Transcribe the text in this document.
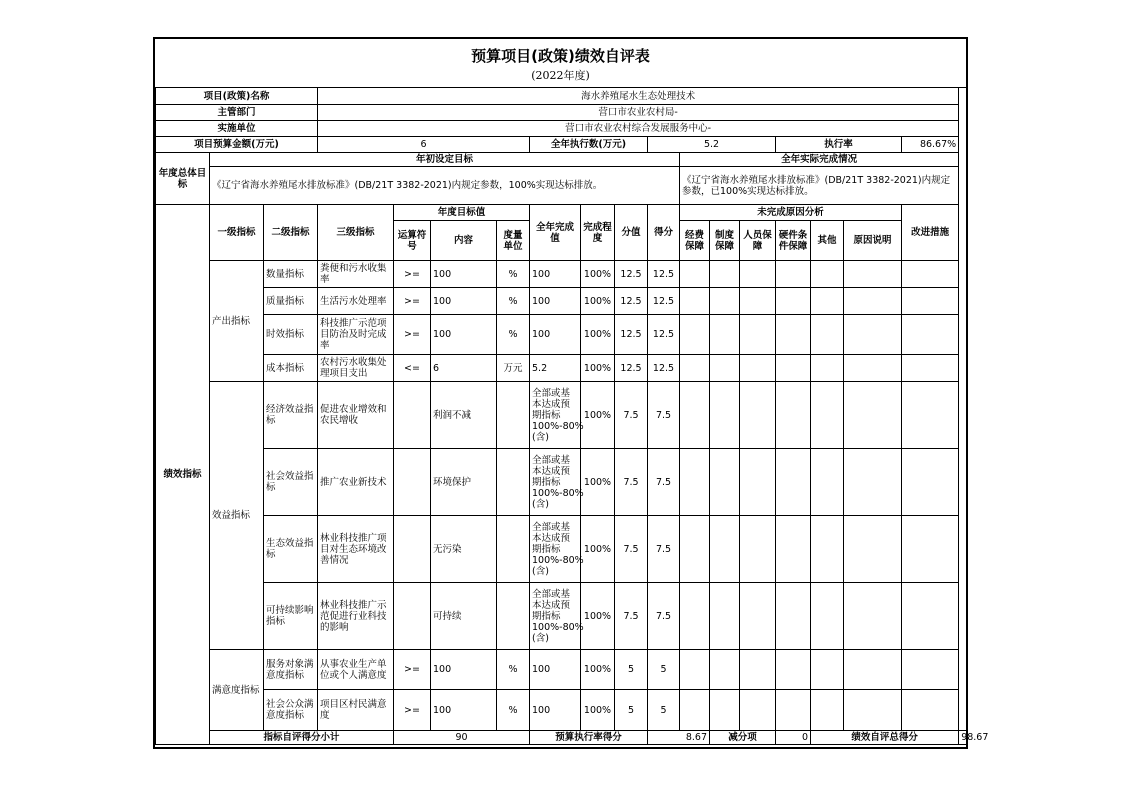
预算项目(政策)绩效自评表
(2022年度)
项目(政策)名称			海水养殖尾水生态处理技术															
主管部门			营口市农业农村局-															
实施单位			营口市农业农村综合发展服务中心-															
项目预算金额(万元)			6				全年执行数(万元)			5.2				执行率			86.67%	
年度总体目标	年初设定目标										全年实际完成情况							
	《辽宁省海水养殖尾水排放标准》(DB/21T 3382-2021)内规定参数，100%实现达标排放。										《辽宁省海水养殖尾水排放标准》(DB/21T 3382-2021)内规定参数，已100%实现达标排放。							
绩效指标	一级指标	二级指标	三级指标	年度目标值			全年完成值	完成程度	分值	得分	未完成原因分析						改进措施	
				运算符号	内容	度量单位					经费保障	制度保障	人员保障	硬件条件保障	其他	原因说明		
	产出指标	数量指标	粪便和污水收集率	>=	100	%	100	100%	12.5	12.5								
		质量指标	生活污水处理率	>=	100	%	100	100%	12.5	12.5								
		时效指标	科技推广示范项目防治及时完成率	>=	100	%	100	100%	12.5	12.5								
		成本指标	农村污水收集处理项目支出	<=	6	万元	5.2	100%	12.5	12.5								
	效益指标	经济效益指标	促进农业增效和农民增收		利润不减		全部或基本达成预期指标100%-80%(含)	100%	7.5	7.5								
		社会效益指标	推广农业新技术		环境保护		全部或基本达成预期指标100%-80%(含)	100%	7.5	7.5								
		生态效益指标	林业科技推广项目对生态环境改善情况		无污染		全部或基本达成预期指标100%-80%(含)	100%	7.5	7.5								
		可持续影响指标	林业科技推广示范促进行业科技的影响		可持续		全部或基本达成预期指标100%-80%(含)	100%	7.5	7.5								
	满意度指标	服务对象满意度指标	从事农业生产单位或个人满意度	>=	100	%	100	100%	5	5								
		社会公众满意度指标	项目区村民满意度	>=	100	%	100	100%	5	5								
	指标自评得分小计			90			预算执行率得分			8.67		减分项		0	绩效自评总得分			98.67
